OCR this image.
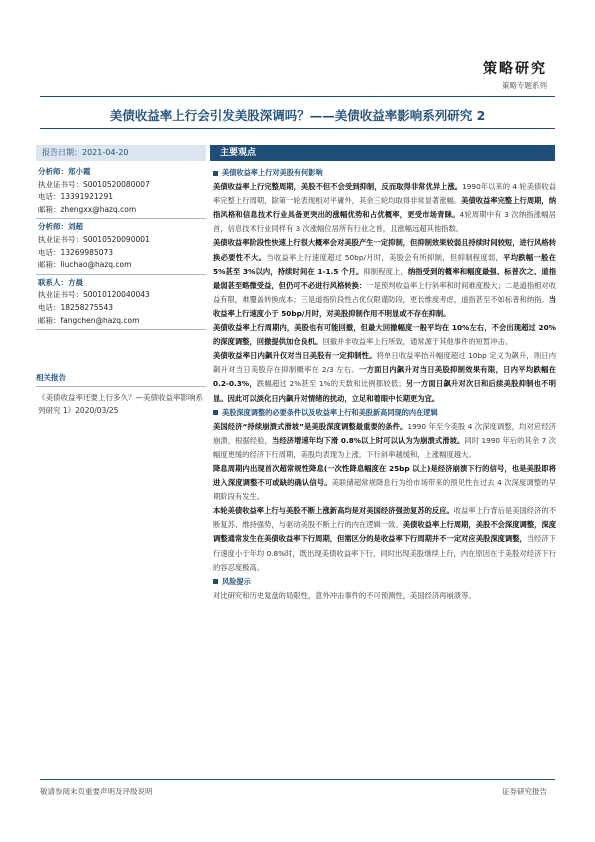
策略研究
策略专题系列
美债收益率上行会引发美股深调吗？——美债收益率影响系列研究 2
报告日期：2021-04-20
分析师：郑小霞
执业证书号：S0010520080007
电话：13391921291
邮箱：zhengxx@hazq.com
分析师：刘超
执业证书号：S0010520090001
电话：13269985073
邮箱：liuchao@hazq.com
联系人：方晨
执业证书号：S0010120040043
电话：18258275543
邮箱：fangchen@hazq.com
相关报告
《美债收益率还要上行多久？—美债收益率影响系列研究 1》2020/03/25
主要观点

美债收益率上行对美股有何影响

美债收益率上行完整周期，美股不但不会受到抑制，反而取得非常优异上涨。1990年以来的 4 轮美债收益率完整上行周期，除第一轮表现相对平庸外，其余三轮均取得非常显著涨幅。美债收益率完整上行周期，纳指风格和信息技术行业具备更突出的涨幅优势和占优概率，更受市场青睐。4轮周期中有 3 次纳指涨幅居首，信息技术行业同样有 3 次涨幅位居所有行业之首，且涨幅远超其他指数。

美债收益率阶段性快速上行很大概率会对美股产生一定抑制，但抑制效果较弱且持续时间较短，进行风格转换必要性不大。当收益率上行速度超过 50bp/月时，美股会有所抑制，但抑制程度弱，平均跌幅一般在 5%甚至 3%以内，持续时间在 1-1.5 个月。抑制程度上，纳指受到的概率和幅度最强、标普次之、道指最弱甚至略微受益，但仍可不必进行风格转换：一是预判收益率上行斜率和时间难度极大；二是道指相对收益有限，难覆盖转换成本；三是道指阶段性占优仅限谨防段，更长维度考虑，道指甚至不如标普和纳指。当收益率上行速度小于 50bp/月时，对美股抑制作用不明显或不存在抑制。

美债收益率上行周期内，美股也有可能回撤，但最大回撤幅度一般平均在 10%左右，不会出现超过 20%的深度调整，回撤提供加仓良机。回撤并非收益率上行所致，通常源于其他事件的短暂冲击。

美债收益率日内飙升仅对当日美股有一定抑制性。将单日收益率抬升幅度超过 10bp 定义为飙升，则日内飙升对当日美股存在抑制概率在 2/3 左右。一方面日内飙升对当日美股抑制效果有限，日内平均跌幅在 0.2-0.3%，跌幅超过 2%甚至 1%的天数和比例都较低；另一方面日飙升对次日和后续美股抑制也不明显。因此可以淡化日内飙升对情绪的扰动，立足和着眼中长期更为宜。

美股深度调整的必要条件以及收益率上行和美股新高同现的内在逻辑

美国经济“持续崩溃式滑坡”是美股深度调整最重要的条件。1990 年至今美股 4 次深度调整，均对应经济崩溃，根据经验，当经济增速年均下滑 0.8%以上时可以认为为崩溃式滑坡。同时 1990 年后的其余 7 次幅度更缓的经济下行周期，美股均表现为上涨，下行斜率越缓和，上涨幅度越大。

降息周期内出现首次超常规性降息(一次性降息幅度在 25bp 以上)是经济崩溃下行的信号，也是美股即将进入深度调整不可或缺的确认信号。美联储超常规降息行为给市场带来的预见性在过去 4 次深度调整的早期阶段有发生。

本轮美债收益率上行与美股不断上涨新高均是对美国经济强劲复苏的反应。收益率上行背后是美国经济的不断复苏、维持强势，与驱动美股不断上行的内在逻辑一致。美债收益率上行周期，美股不会深度调整，深度调整通常发生在美债收益率下行周期，但需区分的是收益率下行周期并不一定对应美股深度调整，当经济下行速度小于年均 0.8%时，既出现美债收益率下行，同时出现美股继续上行，内在原因在于美股对经济下行的容忍度极高。

风险提示

对比研究和历史复盘的局限性，意外冲击事件的不可预测性，美国经济再崩溃等。

敬请参阅末页重要声明及评级说明	证券研究报告
